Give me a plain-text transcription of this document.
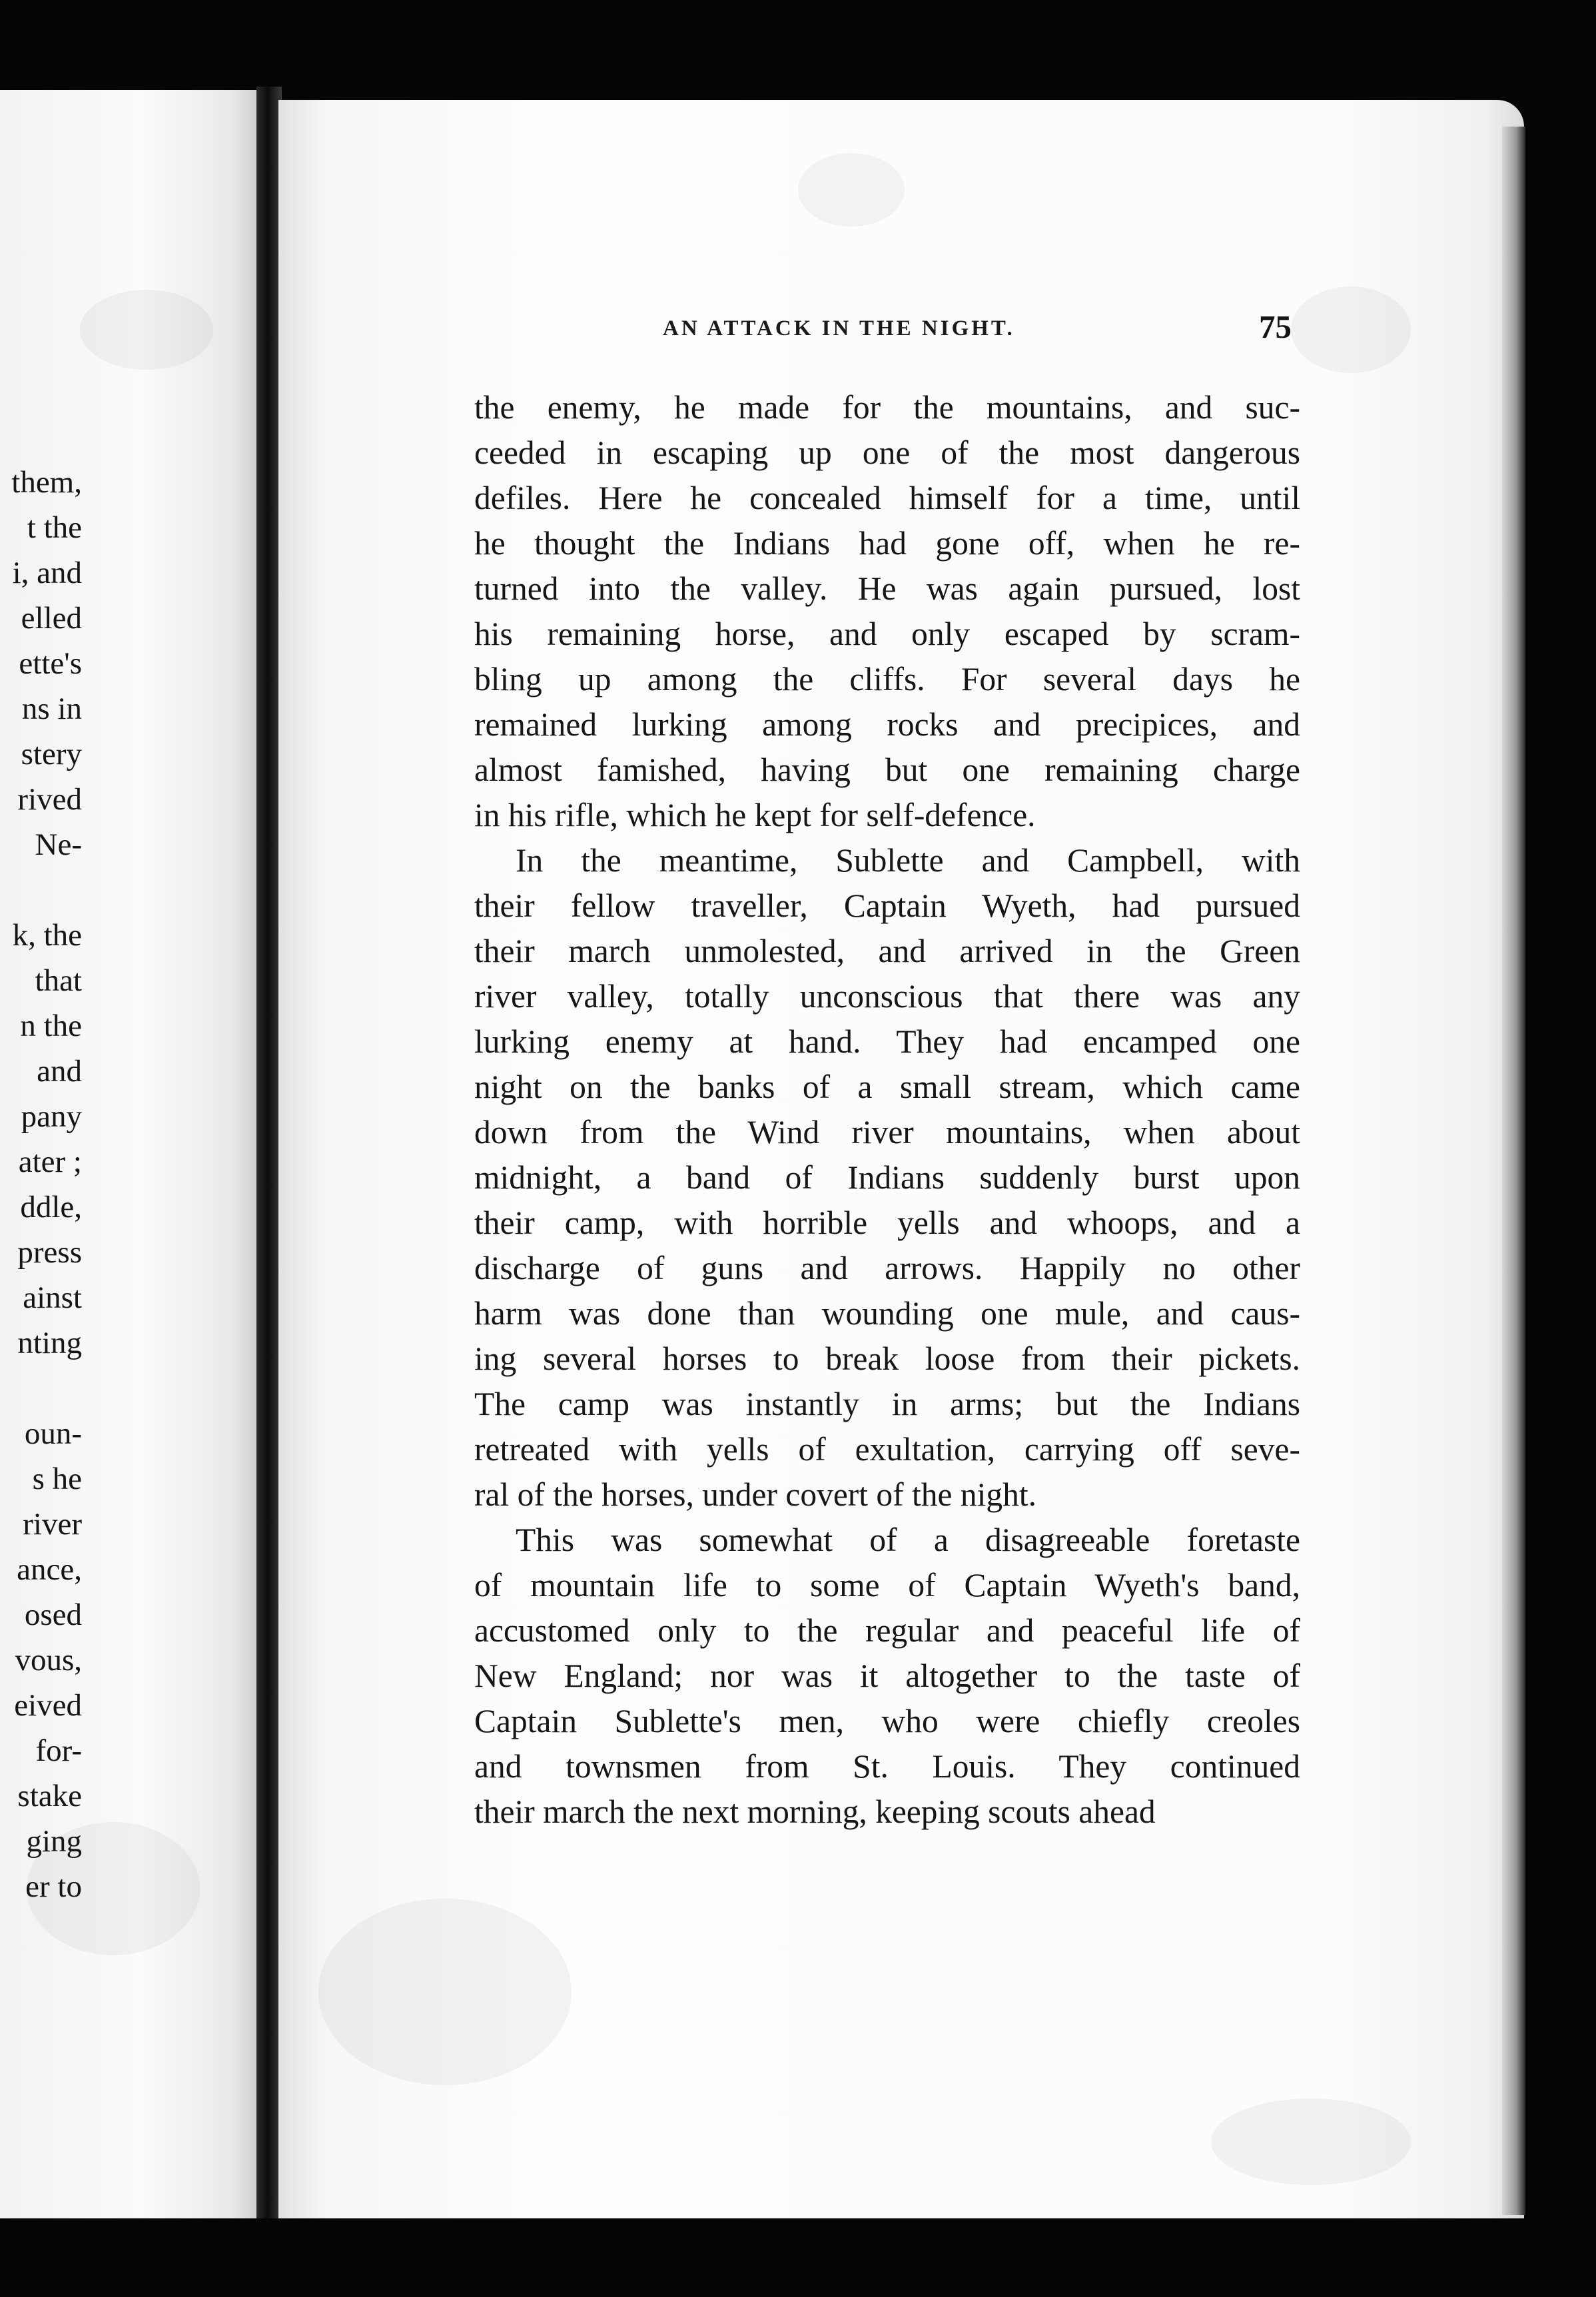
them,
t the
i, and
elled
ette's
ns in
stery
rived
Ne-
k, the
that
n the
and
pany
ater ;
ddle,
press
ainst
nting
oun-
s he
river
ance,
osed
vous,
eived
for-
stake
ging
er to
AN ATTACK IN THE NIGHT.	75
the enemy, he made for the mountains, and suc-
ceeded in escaping up one of the most dangerous
defiles. Here he concealed himself for a time, until
he thought the Indians had gone off, when he re-
turned into the valley. He was again pursued, lost
his remaining horse, and only escaped by scram-
bling up among the cliffs. For several days he
remained lurking among rocks and precipices, and
almost famished, having but one remaining charge
in his rifle, which he kept for self-defence.
In the meantime, Sublette and Campbell, with
their fellow traveller, Captain Wyeth, had pursued
their march unmolested, and arrived in the Green
river valley, totally unconscious that there was any
lurking enemy at hand. They had encamped one
night on the banks of a small stream, which came
down from the Wind river mountains, when about
midnight, a band of Indians suddenly burst upon
their camp, with horrible yells and whoops, and a
discharge of guns and arrows. Happily no other
harm was done than wounding one mule, and caus-
ing several horses to break loose from their pickets.
The camp was instantly in arms; but the Indians
retreated with yells of exultation, carrying off seve-
ral of the horses, under covert of the night.
This was somewhat of a disagreeable foretaste
of mountain life to some of Captain Wyeth's band,
accustomed only to the regular and peaceful life of
New England; nor was it altogether to the taste of
Captain Sublette's men, who were chiefly creoles
and townsmen from St. Louis. They continued
their march the next morning, keeping scouts ahead
